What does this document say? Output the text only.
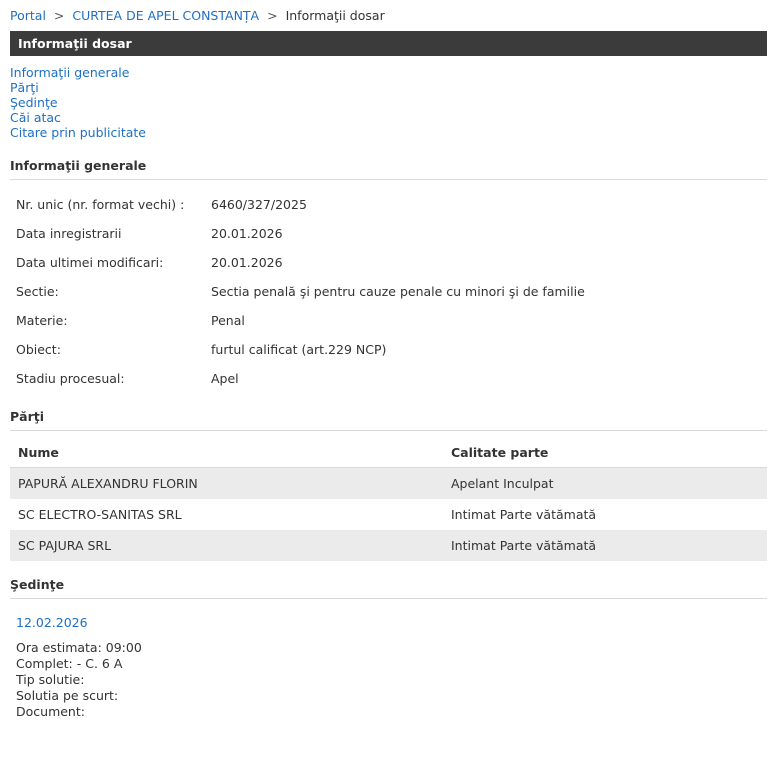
Portal > CURTEA DE APEL CONSTANȚA > Informaţii dosar
Informaţii dosar
Informaţii generale
Părţi
Şedinţe
Căi atac
Citare prin publicitate
Informaţii generale
Nr. unic (nr. format vechi) :	6460/327/2025
Data inregistrarii	20.01.2026
Data ultimei modificari:	20.01.2026
Sectie:	Sectia penală şi pentru cauze penale cu minori şi de familie
Materie:	Penal
Obiect:	furtul calificat (art.229 NCP)
Stadiu procesual:	Apel
Părţi
Nume	Calitate parte
PAPURĂ ALEXANDRU FLORIN	Apelant Inculpat
SC ELECTRO-SANITAS SRL	Intimat Parte vătămată
SC PAJURA SRL	Intimat Parte vătămată
Şedinţe
12.02.2026
Ora estimata: 09:00
Complet: - C. 6 A
Tip solutie:
Solutia pe scurt:
Document:
